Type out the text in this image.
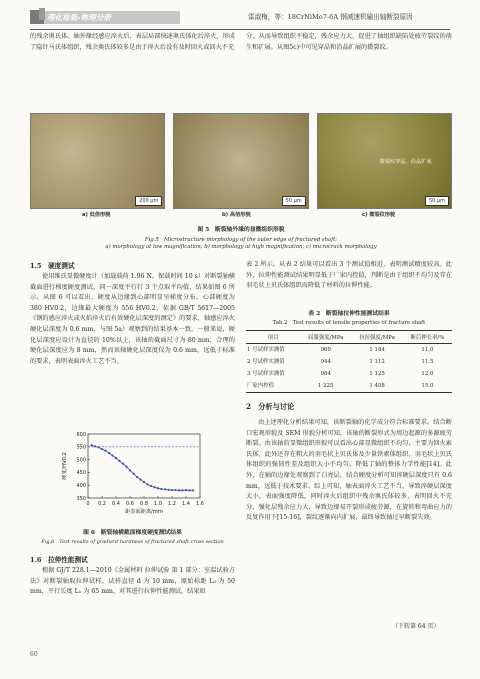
理化检验-物理分册	雷淑梅，等：18CrNiMo7-6A 钢减速机输出轴断裂原因
的残余奥氏体。轴外缘经感应淬火后，表层局部快速奥氏体化后淬火，形成了隐针马氏体组织，残余奥氏体较多是由于淬火后没有及时回火或回火不充
分，从而导致组织不稳定，残余应力大，促进了轴组织缺陷处疲劳裂纹的萌生和扩展。从图5c)中可见穿晶和沿晶扩展的微裂纹。
200 μm	50 μm
微裂纹穿晶、沿晶扩展
50 μm
a) 低倍形貌	b) 高倍形貌	c) 微裂纹形貌
图 5　断裂轴外缘的显微组织形貌
Fig.5　Microstructure morphology of the outer edge of fractured shaft:
a) morphology at low magnification; b) morphology at high magnification; c) microcrack morphology
1.5　硬度测试
使用维氏显微硬度计（加载载荷 1.96 N，保载时间 10 s）对断裂轴横截面进行梯度硬度测试，同一深度平行打 3 个点取平均值，结果如图 6 所示。从图 6 可以看出，硬度从边缘到心部明显呈梯度分布，心部硬度为 380 HV0.2，边缘最大硬度为 556 HV0.2，依据 GB/T 5617—2005《钢的感应淬火或火焰淬火后有效硬化层深度的测定》的要求，轴感应淬火硬化层深度为 0.6 mm，与图 5a）观察到的结果基本一致。一般来说，硬化层深度应设计为直径的 10%以上，该轴的截面尺寸为 80 mm，合理的硬化层深度应为 8 mm，然而该轴硬化层深度仅为 0.6 mm，远低于标准的要求，表明表面淬火工艺不当。
350
400
450
500
550
600
0 0.2 0.4 0.6 0.8 1.0 1.2 1.4 1.6
距表面距离/mm
硬度/HV0.2
图 6　断裂轴横截面梯度硬度测试结果
Fig.6　Test results of gradient hardness of fractured shaft cross section
1.6　拉伸性能测试
根据 GJ/T 228.1—2010《金属材料 拉伸试验 第 1 部分：室温试验方法》对断裂轴取拉伸试样，试样直径 d 为 10 mm，原始标距 L₀ 为 50 mm，平行长度 L₁ 为 65 mm，对其进行拉伸性能测试，结果如
表 2 所示。从表 2 结果可以看出 3 个测试值相近，表明测试精度较高。此外，拉伸性能测试结果明显低于厂家内控值，判断是由于组织不均匀及存在羽毛状上贝氏体组织而降低了材料的拉伸性能。
表 2　断裂轴拉伸性能测试结果
Tab.2　Test results of tensile properties of fracture shaft
项目	屈服强度/MPa	抗拉强度/MPa	断后伸长率/%
1 号试样实测值	969	1 184	11.0
2 号试样实测值	944	1 112	11.5
3 号试样实测值	984	1 125	12.0
厂家内控值	1 225	1 408	15.0
2　分析与讨论
由上述理化分析结果可知，该断裂轴的化学成分符合标准要求。结合断口宏观形貌及 SEM 形貌分析可知，该轴的断裂形式为周边起源的多源疲劳断裂。由该轴的显微组织形貌可以看出心部显微组织不均匀，主要为回火索氏体，此外还存在粗大的羽毛状上贝氏体及少量铁素体组织。羽毛状上贝氏体组织的强韧性差及组织大小不均匀，降低了轴的整体力学性能[14]。此外，在轴的边缘处观察到了白亮层，结合硬度分析可知淬硬层深度只有 0.6 mm，远低于技术要求。综上可知，轴表面淬火工艺不当，导致淬硬层深度太小，表面强度降低，同时淬火后组织中残余奥氏体较多，表明回火不充分，强化层残余应力大，导致边缘易开裂形成疲劳源，在旋转和弯曲应力的反复作用下[15-16]，裂纹逐渐向内扩展，最终导致轴过早断裂失效。
（下转第 64 页）
60
